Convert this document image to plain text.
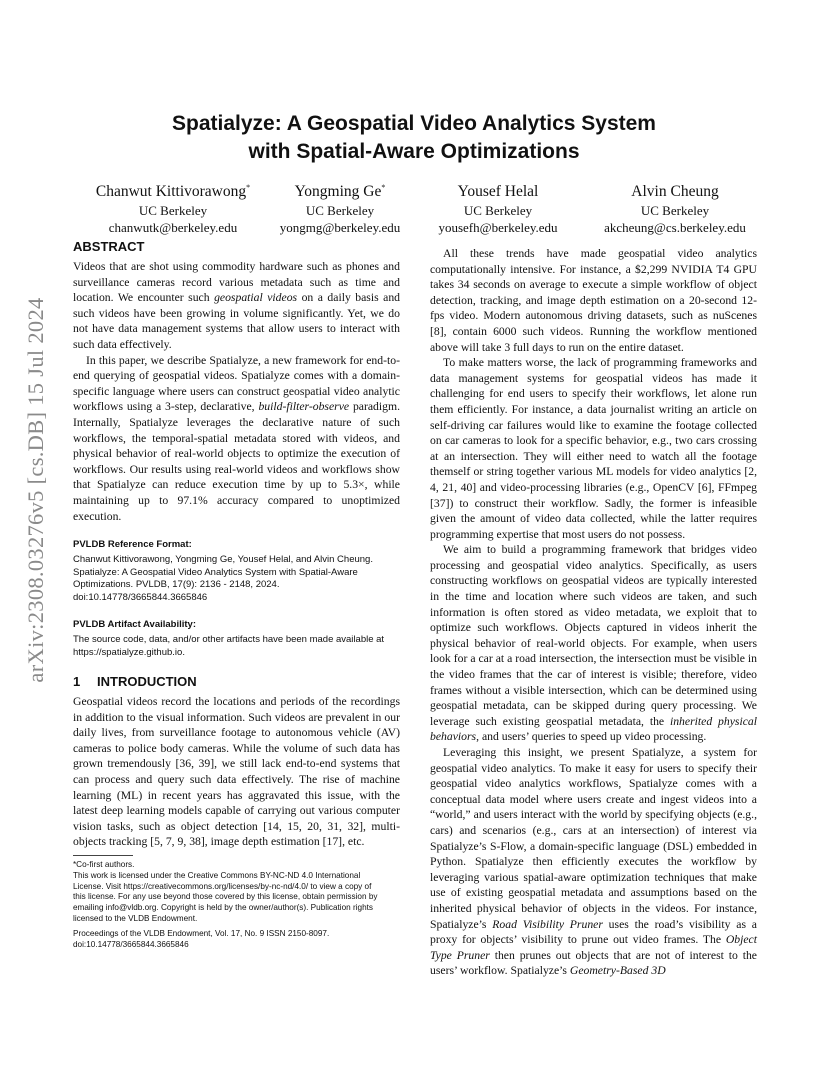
arXiv:2308.03276v5 [cs.DB] 15 Jul 2024
Spatialyze: A Geospatial Video Analytics System
with Spatial-Aware Optimizations
Chanwut Kittivorawong*
UC Berkeley
chanwutk@berkeley.edu
Yongming Ge*
UC Berkeley
yongmg@berkeley.edu
Yousef Helal
UC Berkeley
yousefh@berkeley.edu
Alvin Cheung
UC Berkeley
akcheung@cs.berkeley.edu
ABSTRACT

Videos that are shot using commodity hardware such as phones and surveillance cameras record various metadata such as time and location. We encounter such geospatial videos on a daily basis and such videos have been growing in volume significantly. Yet, we do not have data management systems that allow users to interact with such data effectively.

In this paper, we describe Spatialyze, a new framework for end-to-end querying of geospatial videos. Spatialyze comes with a domain-specific language where users can construct geospatial video analytic workflows using a 3-step, declarative, build-filter-observe paradigm. Internally, Spatialyze leverages the declarative nature of such workflows, the temporal-spatial metadata stored with videos, and physical behavior of real-world objects to optimize the execution of workflows. Our results using real-world videos and workflows show that Spatialyze can reduce execution time by up to 5.3×, while maintaining up to 97.1% accuracy compared to unoptimized execution.

PVLDB Reference Format:
Chanwut Kittivorawong, Yongming Ge, Yousef Helal, and Alvin Cheung.
Spatialyze: A Geospatial Video Analytics System with Spatial-Aware
Optimizations. PVLDB, 17(9): 2136 - 2148, 2024.
doi:10.14778/3665844.3665846
PVLDB Artifact Availability:
The source code, data, and/or other artifacts have been made available at
https://spatialyze.github.io.
1 INTRODUCTION

Geospatial videos record the locations and periods of the recordings in addition to the visual information. Such videos are prevalent in our daily lives, from surveillance footage to autonomous vehicle (AV) cameras to police body cameras. While the volume of such data has grown tremendously [36, 39], we still lack end-to-end systems that can process and query such data effectively. The rise of machine learning (ML) in recent years has aggravated this issue, with the latest deep learning models capable of carrying out various computer vision tasks, such as object detection [14, 15, 20, 31, 32], multi-objects tracking [5, 7, 9, 38], image depth estimation [17], etc.

*Co-first authors.
This work is licensed under the Creative Commons BY-NC-ND 4.0 International
License. Visit https://creativecommons.org/licenses/by-nc-nd/4.0/ to view a copy of
this license. For any use beyond those covered by this license, obtain permission by
emailing info@vldb.org. Copyright is held by the owner/author(s). Publication rights
licensed to the VLDB Endowment.
Proceedings of the VLDB Endowment, Vol. 17, No. 9 ISSN 2150-8097.
doi:10.14778/3665844.3665846

All these trends have made geospatial video analytics computationally intensive. For instance, a $2,299 NVIDIA T4 GPU takes 34 seconds on average to execute a simple workflow of object detection, tracking, and image depth estimation on a 20-second 12-fps video. Modern autonomous driving datasets, such as nuScenes [8], contain 6000 such videos. Running the workflow mentioned above will take 3 full days to run on the entire dataset.

To make matters worse, the lack of programming frameworks and data management systems for geospatial videos has made it challenging for end users to specify their workflows, let alone run them efficiently. For instance, a data journalist writing an article on self-driving car failures would like to examine the footage collected on car cameras to look for a specific behavior, e.g., two cars crossing at an intersection. They will either need to watch all the footage themself or string together various ML models for video analytics [2, 4, 21, 40] and video-processing libraries (e.g., OpenCV [6], FFmpeg [37]) to construct their workflow. Sadly, the former is infeasible given the amount of video data collected, while the latter requires programming expertise that most users do not possess.

We aim to build a programming framework that bridges video processing and geospatial video analytics. Specifically, as users constructing workflows on geospatial videos are typically interested in the time and location where such videos are taken, and such information is often stored as video metadata, we exploit that to optimize such workflows. Objects captured in videos inherit the physical behavior of real-world objects. For example, when users look for a car at a road intersection, the intersection must be visible in the video frames that the car of interest is visible; therefore, video frames without a visible intersection, which can be determined using geospatial metadata, can be skipped during query processing. We leverage such existing geospatial metadata, the inherited physical behaviors, and users’ queries to speed up video processing.

Leveraging this insight, we present Spatialyze, a system for geospatial video analytics. To make it easy for users to specify their geospatial video analytics workflows, Spatialyze comes with a conceptual data model where users create and ingest videos into a “world,” and users interact with the world by specifying objects (e.g., cars) and scenarios (e.g., cars at an intersection) of interest via Spatialyze’s S-Flow, a domain-specific language (DSL) embedded in Python. Spatialyze then efficiently executes the workflow by leveraging various spatial-aware optimization techniques that make use of existing geospatial metadata and assumptions based on the inherited physical behavior of objects in the videos. For instance, Spatialyze’s Road Visibility Pruner uses the road’s visibility as a proxy for objects’ visibility to prune out video frames. The Object Type Pruner then prunes out objects that are not of interest to the users’ workflow. Spatialyze’s Geometry-Based 3D
